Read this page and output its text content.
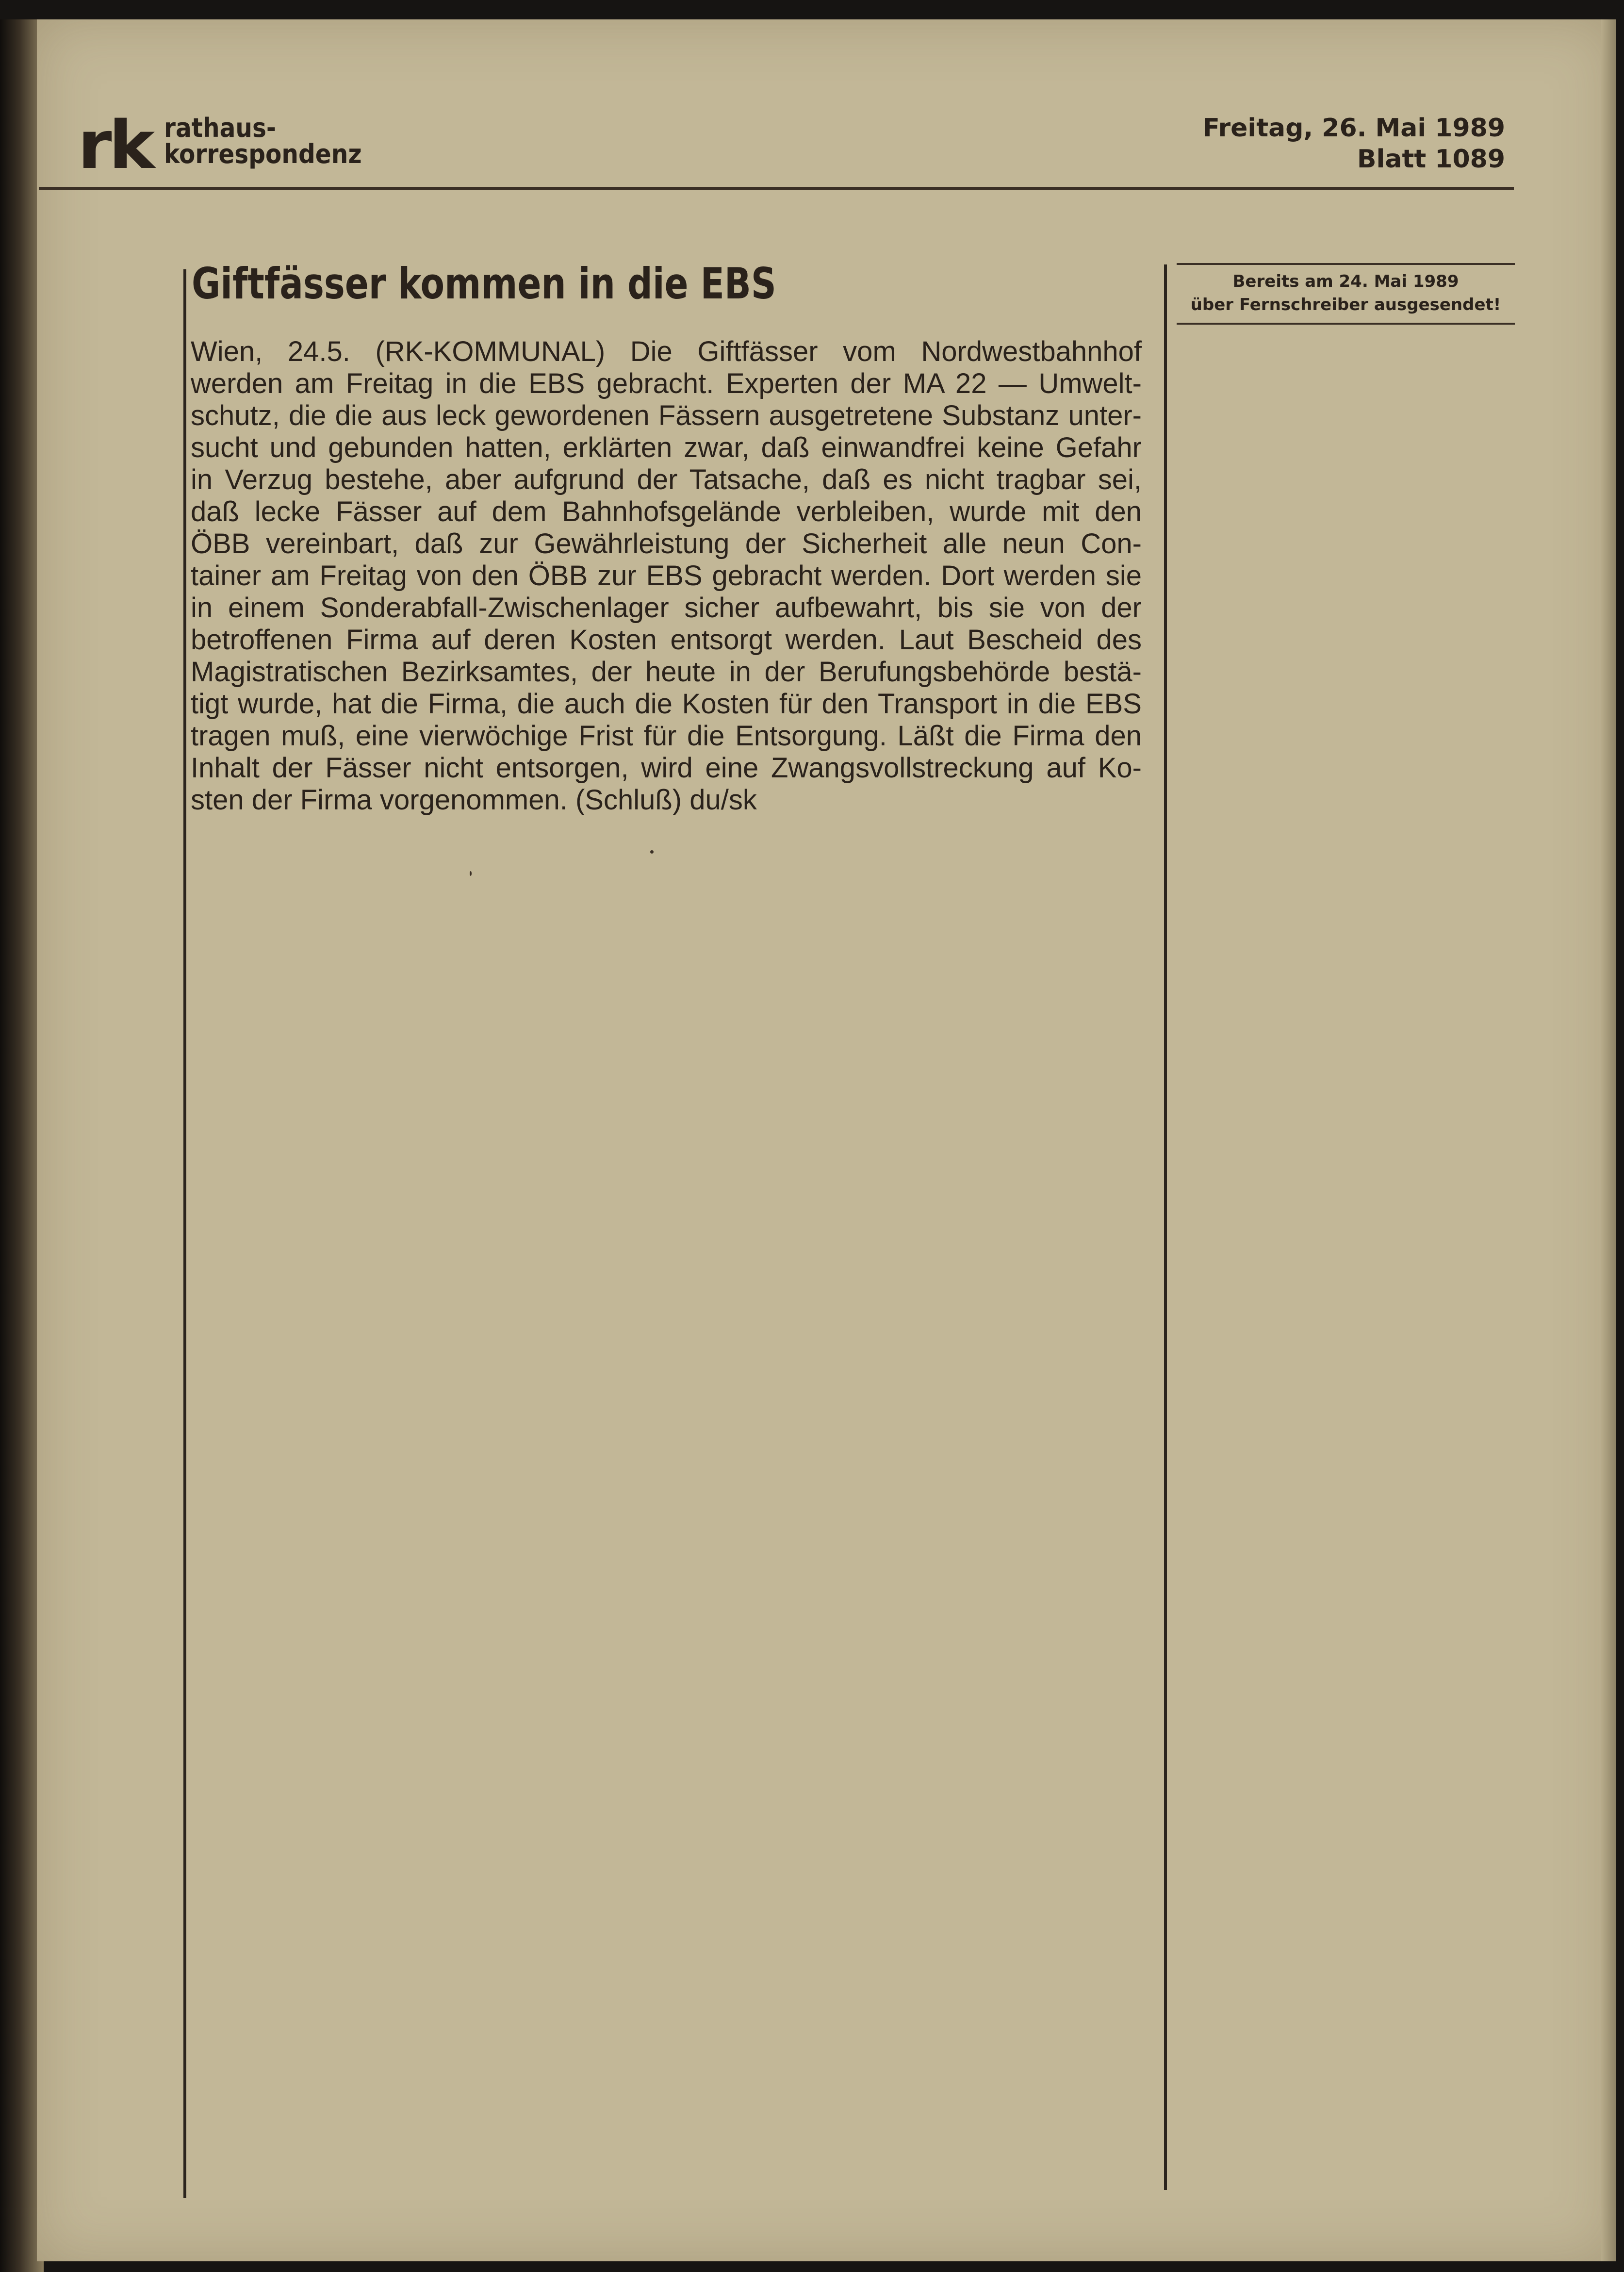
rk rathaus-
korrespondenz
Freitag, 26. Mai 1989
Blatt 1089
Giftfässer kommen in die EBS
Wien, 24.5. (RK-KOMMUNAL) Die Giftfässer vom Nordwestbahnhof
werden am Freitag in die EBS gebracht. Experten der MA 22 — Umwelt-
schutz, die die aus leck gewordenen Fässern ausgetretene Substanz unter-
sucht und gebunden hatten, erklärten zwar, daß einwandfrei keine Gefahr
in Verzug bestehe, aber aufgrund der Tatsache, daß es nicht tragbar sei,
daß lecke Fässer auf dem Bahnhofsgelände verbleiben, wurde mit den
ÖBB vereinbart, daß zur Gewährleistung der Sicherheit alle neun Con-
tainer am Freitag von den ÖBB zur EBS gebracht werden. Dort werden sie
in einem Sonderabfall-Zwischenlager sicher aufbewahrt, bis sie von der
betroffenen Firma auf deren Kosten entsorgt werden. Laut Bescheid des
Magistratischen Bezirksamtes, der heute in der Berufungsbehörde bestä-
tigt wurde, hat die Firma, die auch die Kosten für den Transport in die EBS
tragen muß, eine vierwöchige Frist für die Entsorgung. Läßt die Firma den
Inhalt der Fässer nicht entsorgen, wird eine Zwangsvollstreckung auf Ko-
sten der Firma vorgenommen. (Schluß) du/sk
Bereits am 24. Mai 1989
über Fernschreiber ausgesendet!
